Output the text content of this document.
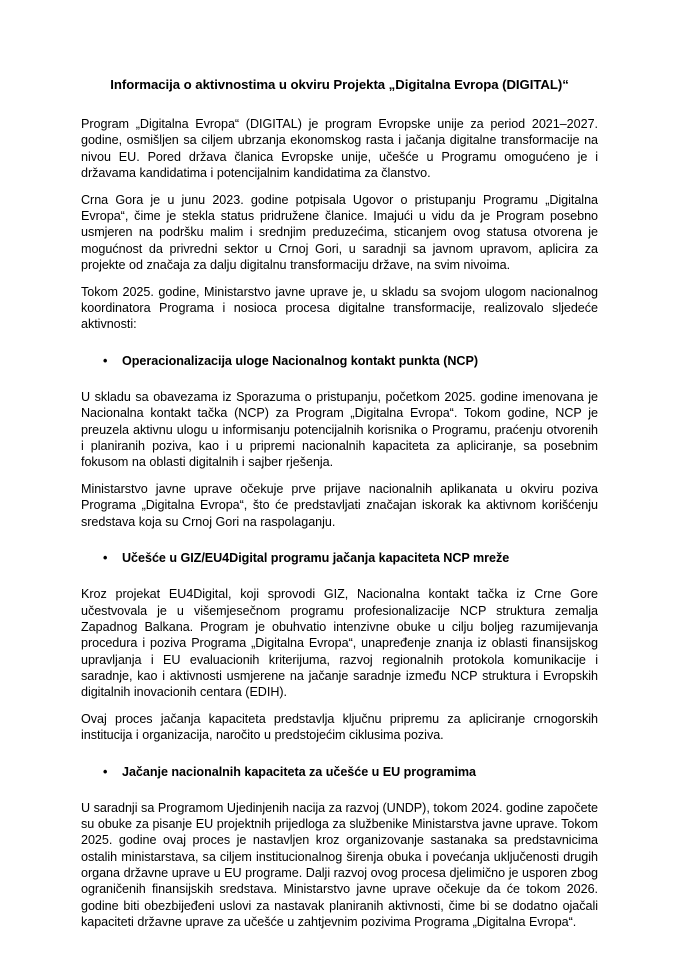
Informacija o aktivnostima u okviru Projekta „Digitalna Evropa (DIGITAL)“

Program „Digitalna Evropa“ (DIGITAL) je program Evropske unije za period 2021–2027. godine, osmišljen sa ciljem ubrzanja ekonomskog rasta i jačanja digitalne transformacije na nivou EU. Pored država članica Evropske unije, učešće u Programu omogućeno je i državama kandidatima i potencijalnim kandidatima za članstvo.

Crna Gora je u junu 2023. godine potpisala Ugovor o pristupanju Programu „Digitalna Evropa“, čime je stekla status pridružene članice. Imajući u vidu da je Program posebno usmjeren na podršku malim i srednjim preduzećima, sticanjem ovog statusa otvorena je mogućnost da privredni sektor u Crnoj Gori, u saradnji sa javnom upravom, aplicira za projekte od značaja za dalju digitalnu transformaciju države, na svim nivoima.

Tokom 2025. godine, Ministarstvo javne uprave je, u skladu sa svojom ulogom nacionalnog koordinatora Programa i nosioca procesa digitalne transformacije, realizovalo sljedeće aktivnosti:

• Operacionalizacija uloge Nacionalnog kontakt punkta (NCP)

U skladu sa obavezama iz Sporazuma o pristupanju, početkom 2025. godine imenovana je Nacionalna kontakt tačka (NCP) za Program „Digitalna Evropa“. Tokom godine, NCP je preuzela aktivnu ulogu u informisanju potencijalnih korisnika o Programu, praćenju otvorenih i planiranih poziva, kao i u pripremi nacionalnih kapaciteta za apliciranje, sa posebnim fokusom na oblasti digitalnih i sajber rješenja.

Ministarstvo javne uprave očekuje prve prijave nacionalnih aplikanata u okviru poziva Programa „Digitalna Evropa“, što će predstavljati značajan iskorak ka aktivnom korišćenju sredstava koja su Crnoj Gori na raspolaganju.

• Učešće u GIZ/EU4Digital programu jačanja kapaciteta NCP mreže

Kroz projekat EU4Digital, koji sprovodi GIZ, Nacionalna kontakt tačka iz Crne Gore učestvovala je u višemjesečnom programu profesionalizacije NCP struktura zemalja Zapadnog Balkana. Program je obuhvatio intenzivne obuke u cilju boljeg razumijevanja procedura i poziva Programa „Digitalna Evropa“, unapređenje znanja iz oblasti finansijskog upravljanja i EU evaluacionih kriterijuma, razvoj regionalnih protokola komunikacije i saradnje, kao i aktivnosti usmjerene na jačanje saradnje između NCP struktura i Evropskih digitalnih inovacionih centara (EDIH).

Ovaj proces jačanja kapaciteta predstavlja ključnu pripremu za apliciranje crnogorskih institucija i organizacija, naročito u predstojećim ciklusima poziva.

• Jačanje nacionalnih kapaciteta za učešće u EU programima

U saradnji sa Programom Ujedinjenih nacija za razvoj (UNDP), tokom 2024. godine započete su obuke za pisanje EU projektnih prijedloga za službenike Ministarstva javne uprave. Tokom 2025. godine ovaj proces je nastavljen kroz organizovanje sastanaka sa predstavnicima ostalih ministarstava, sa ciljem institucionalnog širenja obuka i povećanja uključenosti drugih organa državne uprave u EU programe. Dalji razvoj ovog procesa djelimično je usporen zbog ograničenih finansijskih sredstava. Ministarstvo javne uprave očekuje da će tokom 2026. godine biti obezbijeđeni uslovi za nastavak planiranih aktivnosti, čime bi se dodatno ojačali kapaciteti državne uprave za učešće u zahtjevnim pozivima Programa „Digitalna Evropa“.
